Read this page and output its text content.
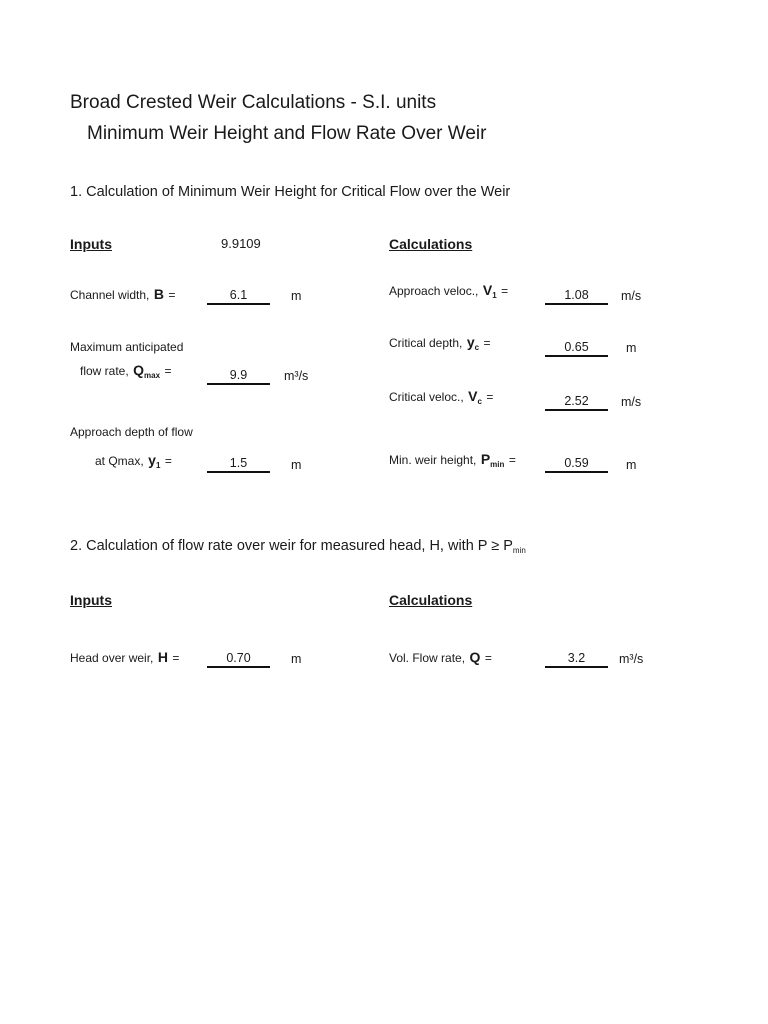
Broad Crested Weir Calculations - S.I. units
Minimum Weir Height and Flow Rate Over Weir
1. Calculation of Minimum Weir Height for Critical Flow over the Weir
Inputs	9.9109	Calculations
Channel width, B =	6.1	m
Maximum anticipated
flow rate, $Q_{max}$ =	9.9	m³/s
Approach depth of flow
at Qmax, $y_1$ =	1.5	m
Approach veloc., $V_1$ =	1.08	m/s
Critical depth, $y_c$ =	0.65	m
Critical veloc., $V_c$ =	2.52	m/s
Min. weir height, $P_{min}$ =	0.59	m
2. Calculation of flow rate over weir for measured head, H, with $P \ge P_{min}$
Inputs	Calculations
Head over weir, H =	0.70	m	Vol. Flow rate, Q =	3.2	m³/s
